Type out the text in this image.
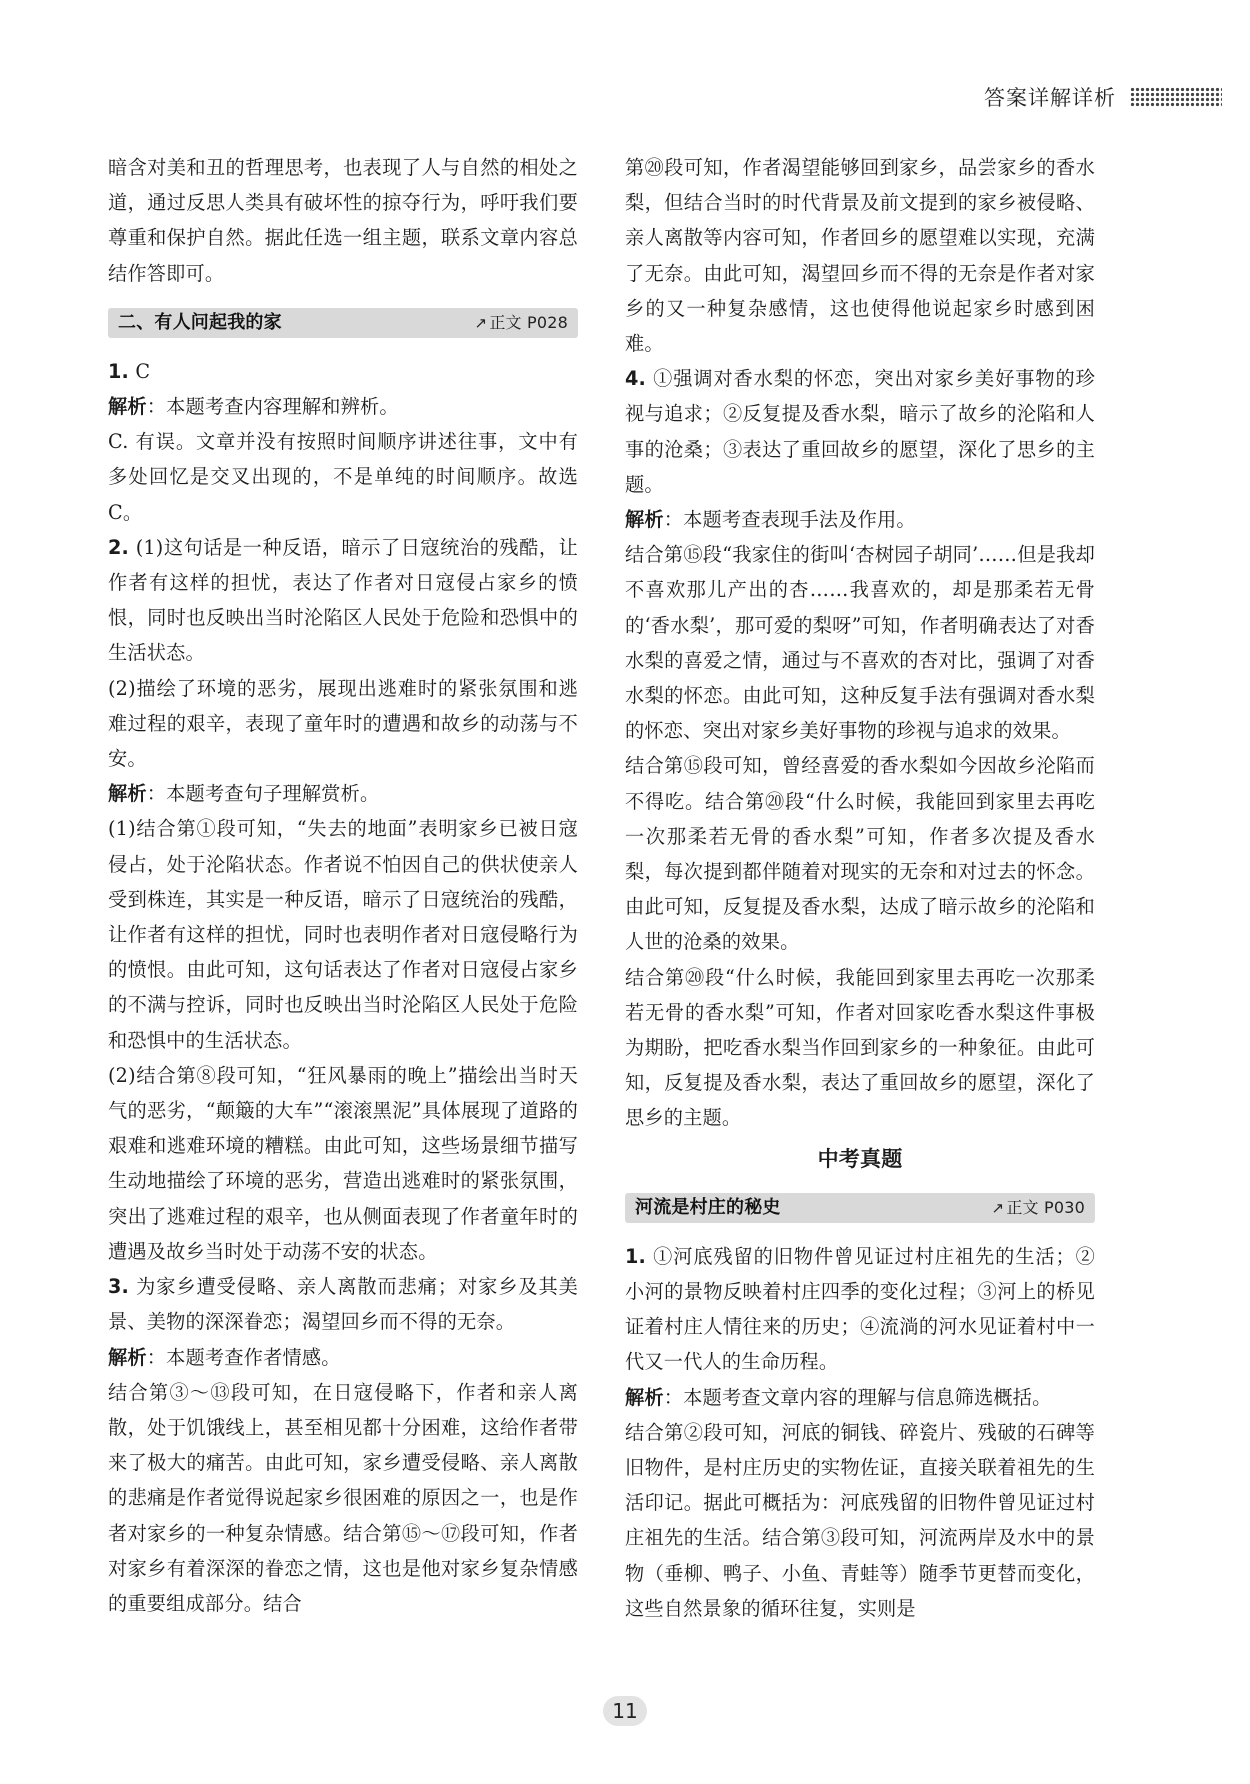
答案详解详析

暗含对美和丑的哲理思考，也表现了人与自然的相处之道，通过反思人类具有破坏性的掠夺行为，呼吁我们要尊重和保护自然。据此任选一组主题，联系文章内容总结作答即可。

二、有人问起我的家	↗ 正文 P028

1. C

解析：本题考查内容理解和辨析。

C. 有误。文章并没有按照时间顺序讲述往事，文中有多处回忆是交叉出现的，不是单纯的时间顺序。故选 C。

2. (1)这句话是一种反语，暗示了日寇统治的残酷，让作者有这样的担忧，表达了作者对日寇侵占家乡的愤恨，同时也反映出当时沦陷区人民处于危险和恐惧中的生活状态。

(2)描绘了环境的恶劣，展现出逃难时的紧张氛围和逃难过程的艰辛，表现了童年时的遭遇和故乡的动荡与不安。

解析：本题考查句子理解赏析。

(1)结合第①段可知，“失去的地面”表明家乡已被日寇侵占，处于沦陷状态。作者说不怕因自己的供状使亲人受到株连，其实是一种反语，暗示了日寇统治的残酷，让作者有这样的担忧，同时也表明作者对日寇侵略行为的愤恨。由此可知，这句话表达了作者对日寇侵占家乡的不满与控诉，同时也反映出当时沦陷区人民处于危险和恐惧中的生活状态。

(2)结合第⑧段可知，“狂风暴雨的晚上”描绘出当时天气的恶劣，“颠簸的大车”“滚滚黑泥”具体展现了道路的艰难和逃难环境的糟糕。由此可知，这些场景细节描写生动地描绘了环境的恶劣，营造出逃难时的紧张氛围，突出了逃难过程的艰辛，也从侧面表现了作者童年时的遭遇及故乡当时处于动荡不安的状态。

3. 为家乡遭受侵略、亲人离散而悲痛；对家乡及其美景、美物的深深眷恋；渴望回乡而不得的无奈。

解析：本题考查作者情感。

结合第③～⑬段可知，在日寇侵略下，作者和亲人离散，处于饥饿线上，甚至相见都十分困难，这给作者带来了极大的痛苦。由此可知，家乡遭受侵略、亲人离散的悲痛是作者觉得说起家乡很困难的原因之一，也是作者对家乡的一种复杂情感。结合第⑮～⑰段可知，作者对家乡有着深深的眷恋之情，这也是他对家乡复杂情感的重要组成部分。结合

第⑳段可知，作者渴望能够回到家乡，品尝家乡的香水梨，但结合当时的时代背景及前文提到的家乡被侵略、亲人离散等内容可知，作者回乡的愿望难以实现，充满了无奈。由此可知，渴望回乡而不得的无奈是作者对家乡的又一种复杂感情，这也使得他说起家乡时感到困难。

4. ①强调对香水梨的怀恋，突出对家乡美好事物的珍视与追求；②反复提及香水梨，暗示了故乡的沦陷和人事的沧桑；③表达了重回故乡的愿望，深化了思乡的主题。

解析：本题考查表现手法及作用。

结合第⑮段“我家住的街叫‘杏树园子胡同’……但是我却不喜欢那儿产出的杏……我喜欢的，却是那柔若无骨的‘香水梨’，那可爱的梨呀”可知，作者明确表达了对香水梨的喜爱之情，通过与不喜欢的杏对比，强调了对香水梨的怀恋。由此可知，这种反复手法有强调对香水梨的怀恋、突出对家乡美好事物的珍视与追求的效果。

结合第⑮段可知，曾经喜爱的香水梨如今因故乡沦陷而不得吃。结合第⑳段“什么时候，我能回到家里去再吃一次那柔若无骨的香水梨”可知，作者多次提及香水梨，每次提到都伴随着对现实的无奈和对过去的怀念。由此可知，反复提及香水梨，达成了暗示故乡的沦陷和人世的沧桑的效果。

结合第⑳段“什么时候，我能回到家里去再吃一次那柔若无骨的香水梨”可知，作者对回家吃香水梨这件事极为期盼，把吃香水梨当作回到家乡的一种象征。由此可知，反复提及香水梨，表达了重回故乡的愿望，深化了思乡的主题。

中考真题
河流是村庄的秘史	↗ 正文 P030

1. ①河底残留的旧物件曾见证过村庄祖先的生活；②小河的景物反映着村庄四季的变化过程；③河上的桥见证着村庄人情往来的历史；④流淌的河水见证着村中一代又一代人的生命历程。

解析：本题考查文章内容的理解与信息筛选概括。

结合第②段可知，河底的铜钱、碎瓷片、残破的石碑等旧物件，是村庄历史的实物佐证，直接关联着祖先的生活印记。据此可概括为：河底残留的旧物件曾见证过村庄祖先的生活。结合第③段可知，河流两岸及水中的景物（垂柳、鸭子、小鱼、青蛙等）随季节更替而变化，这些自然景象的循环往复，实则是

11
